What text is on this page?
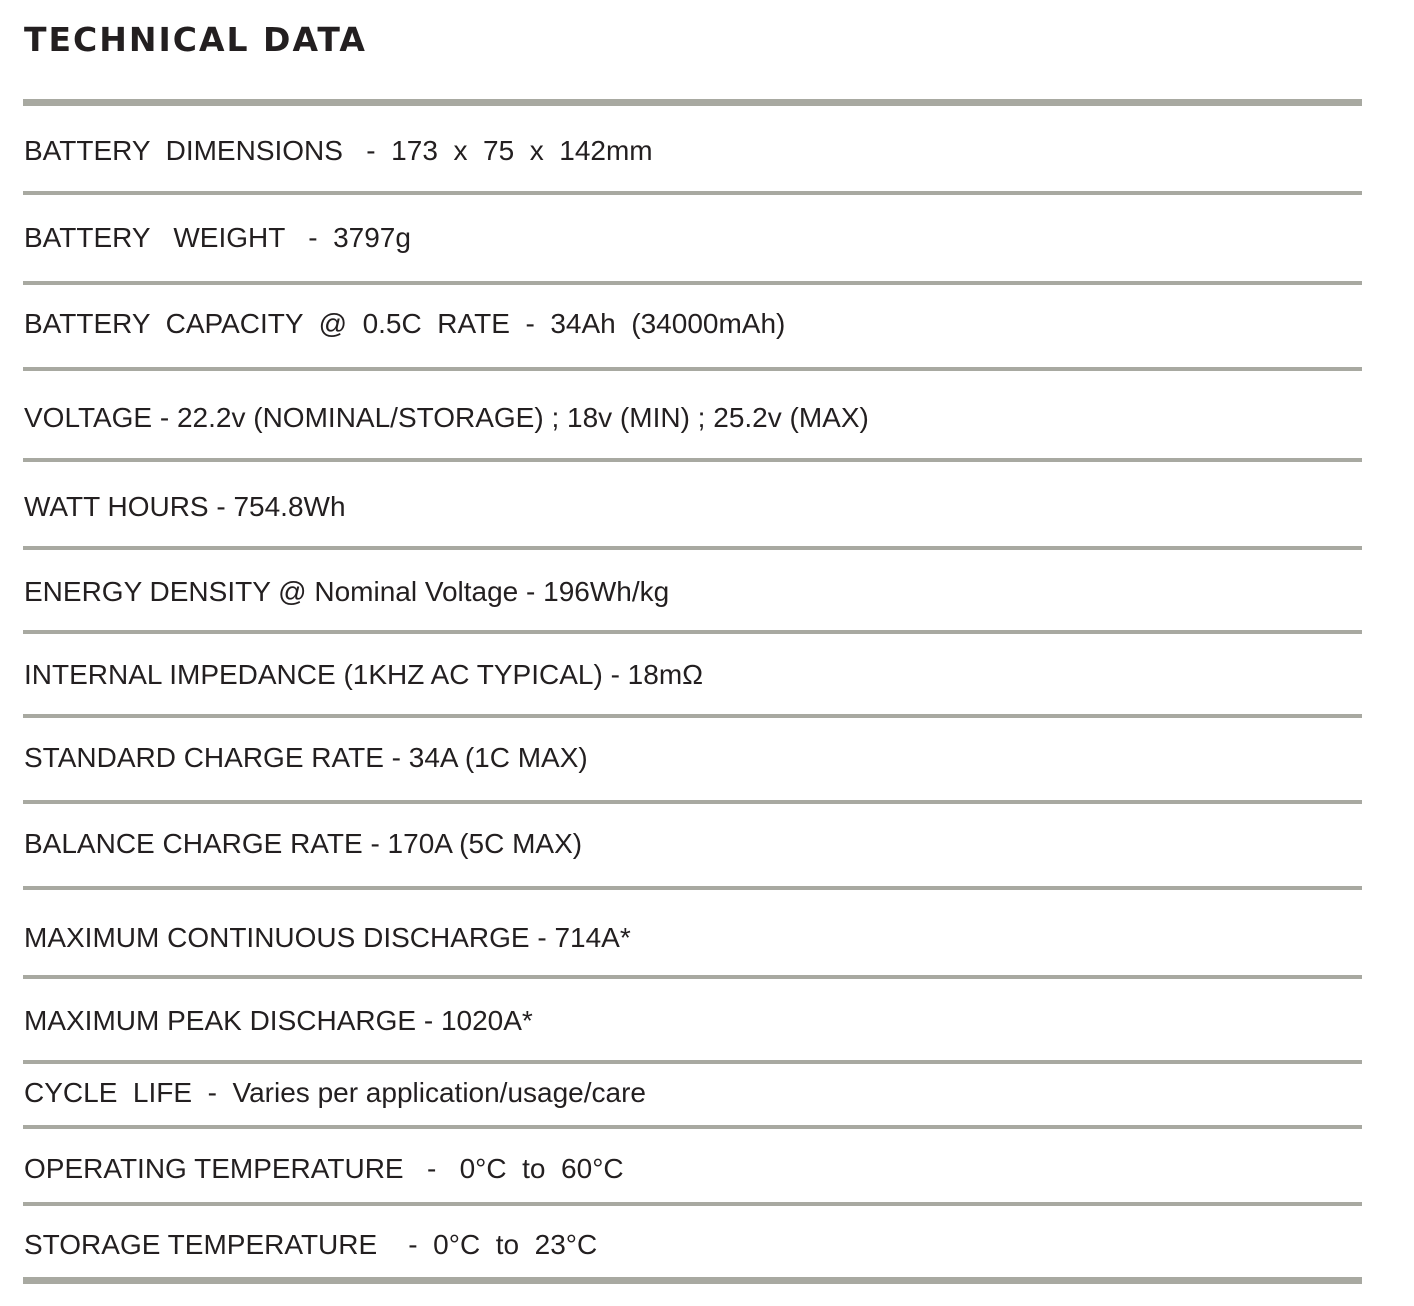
TECHNICAL DATA
BATTERY  DIMENSIONS   -  173  x  75  x  142mm
BATTERY   WEIGHT   -  3797g
BATTERY  CAPACITY  @  0.5C  RATE  -  34Ah  (34000mAh)
VOLTAGE - 22.2v (NOMINAL/STORAGE) ; 18v (MIN) ; 25.2v (MAX)
WATT HOURS - 754.8Wh
ENERGY DENSITY @ Nominal Voltage - 196Wh/kg
INTERNAL IMPEDANCE (1KHZ AC TYPICAL) - 18mΩ
STANDARD CHARGE RATE - 34A (1C MAX)
BALANCE CHARGE RATE - 170A (5C MAX)
MAXIMUM CONTINUOUS DISCHARGE - 714A*
MAXIMUM PEAK DISCHARGE - 1020A*
CYCLE  LIFE  -  Varies per application/usage/care
OPERATING TEMPERATURE   -   0°C  to  60°C
STORAGE TEMPERATURE    -  0°C  to  23°C
